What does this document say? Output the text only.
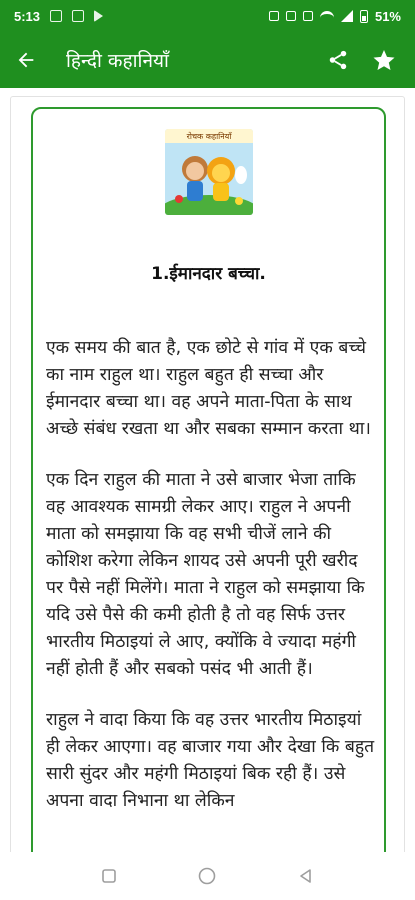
5:13	51%
हिन्दी कहानियाँ
रोचक कहानियाँ
1.ईमानदार बच्चा.

एक समय की बात है, एक छोटे से गांव में एक बच्चे का नाम राहुल था। राहुल बहुत ही सच्चा और ईमानदार बच्चा था। वह अपने माता-पिता के साथ अच्छे संबंध रखता था और सबका सम्मान करता था।

एक दिन राहुल की माता ने उसे बाजार भेजा ताकि वह आवश्यक सामग्री लेकर आए। राहुल ने अपनी माता को समझाया कि वह सभी चीजें लाने की कोशिश करेगा लेकिन शायद उसे अपनी पूरी खरीद पर पैसे नहीं मिलेंगे। माता ने राहुल को समझाया कि यदि उसे पैसे की कमी होती है तो वह सिर्फ उत्तर भारतीय मिठाइयां ले आए, क्योंकि वे ज्यादा महंगी नहीं होती हैं और सबको पसंद भी आती हैं।

राहुल ने वादा किया कि वह उत्तर भारतीय मिठाइयां ही लेकर आएगा। वह बाजार गया और देखा कि बहुत सारी सुंदर और महंगी मिठाइयां बिक रही हैं। उसे अपना वादा निभाना था लेकिन
